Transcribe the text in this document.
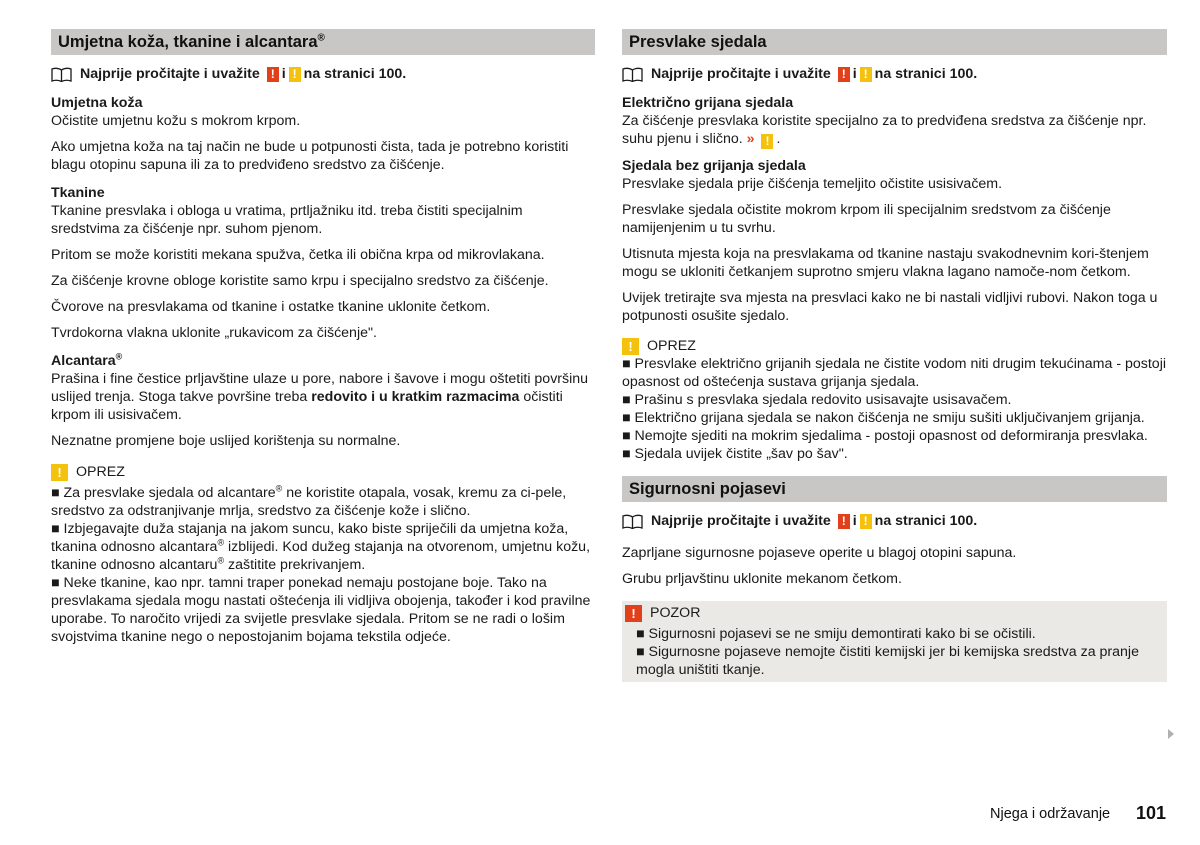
Umjetna koža, tkanine i alcantara®
Najprije pročitajte i uvažite
! i ! na stranici 100.
Umjetna koža
Očistite umjetnu kožu s mokrom krpom.
Ako umjetna koža na taj način ne bude u potpunosti čista, tada je potrebno koristiti blagu otopinu sapuna ili za to predviđeno sredstvo za čišćenje.
Tkanine
Tkanine presvlaka i obloga u vratima, prtljažniku itd. treba čistiti specijalnim sredstvima za čišćenje npr. suhom pjenom.
Pritom se može koristiti mekana spužva, četka ili obična krpa od mikrovlakana.
Za čišćenje krovne obloge koristite samo krpu i specijalno sredstvo za čišćenje.
Čvorove na presvlakama od tkanine i ostatke tkanine uklonite četkom.
Tvrdokorna vlakna uklonite „rukavicom za čišćenje".
Alcantara®
Prašina i fine čestice prljavštine ulaze u pore, nabore i šavove i mogu oštetiti površinu uslijed trenja. Stoga takve površine treba redovito i u kratkim razmacima očistiti krpom ili usisivačem.
Neznatne promjene boje uslijed korištenja su normalne.
!	OPREZ
■ Za presvlake sjedala od alcantare® ne koristite otapala, vosak, kremu za ci-pele, sredstvo za odstranjivanje mrlja, sredstvo za čišćenje kože i slično.
■ Izbjegavajte duža stajanja na jakom suncu, kako biste spriječili da umjetna koža, tkanina odnosno alcantara® izblijedi. Kod dužeg stajanja na otvorenom, umjetnu kožu, tkanine odnosno alcantaru® zaštitite prekrivanjem.
■ Neke tkanine, kao npr. tamni traper ponekad nemaju postojane boje. Tako na presvlakama sjedala mogu nastati oštećenja ili vidljiva obojenja, također i kod pravilne uporabe. To naročito vrijedi za svijetle presvlake sjedala. Pritom se ne radi o lošim svojstvima tkanine nego o nepostojanim bojama tekstila odjeće.
Presvlake sjedala
Najprije pročitajte i uvažite
! i ! na stranici 100.
Električno grijana sjedala
Za čišćenje presvlaka koristite specijalno za to predviđena sredstva za čišćenje npr. suhu pjenu i slično. » ! .
Sjedala bez grijanja sjedala
Presvlake sjedala prije čišćenja temeljito očistite usisivačem.
Presvlake sjedala očistite mokrom krpom ili specijalnim sredstvom za čišćenje namijenjenim u tu svrhu.
Utisnuta mjesta koja na presvlakama od tkanine nastaju svakodnevnim kori-štenjem mogu se ukloniti četkanjem suprotno smjeru vlakna lagano namoče-nom četkom.
Uvijek tretirajte sva mjesta na presvlaci kako ne bi nastali vidljivi rubovi. Nakon toga u potpunosti osušite sjedalo.
!	OPREZ
■ Presvlake električno grijanih sjedala ne čistite vodom niti drugim tekućinama - postoji opasnost od oštećenja sustava grijanja sjedala.
■ Prašinu s presvlaka sjedala redovito usisavajte usisavačem.
■ Električno grijana sjedala se nakon čišćenja ne smiju sušiti uključivanjem grijanja.
■ Nemojte sjediti na mokrim sjedalima - postoji opasnost od deformiranja presvlaka.
■ Sjedala uvijek čistite „šav po šav".
Sigurnosni pojasevi
Najprije pročitajte i uvažite
! i ! na stranici 100.
Zaprljane sigurnosne pojaseve operite u blagoj otopini sapuna.
Grubu prljavštinu uklonite mekanom četkom.
!	POZOR
■ Sigurnosni pojasevi se ne smiju demontirati kako bi se očistili.
■ Sigurnosne pojaseve nemojte čistiti kemijski jer bi kemijska sredstva za pranje mogla uništiti tkanje.
Njega i održavanje 101
